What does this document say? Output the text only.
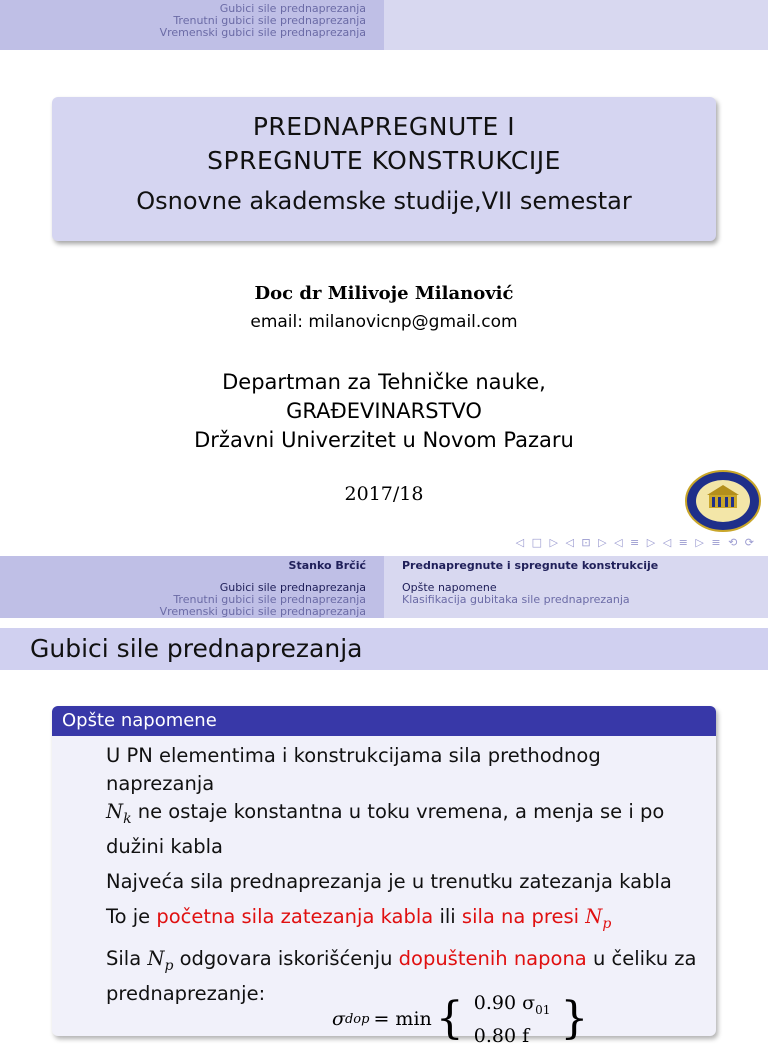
Gubici sile prednaprezanja
Trenutni gubici sile prednaprezanja
Vremenski gubici sile prednaprezanja
PREDNAPREGNUTE I
SPREGNUTE KONSTRUKCIJE
Osnovne akademske studije,VII semestar
Doc dr Milivoje Milanović
email: milanovicnp@gmail.com
Departman za Tehničke nauke,
GRAĐEVINARSTVO
Državni Univerzitet u Novom Pazaru
2017/18
◁ □ ▷ ◁ ⊡ ▷ ◁ ≡ ▷ ◁ ≡ ▷ ≡ ⟲ ⟳
Stanko Brčić
Gubici sile prednaprezanja
Trenutni gubici sile prednaprezanja
Vremenski gubici sile prednaprezanja
Prednapregnute i spregnute konstrukcije
Opšte napomene
Klasifikacija gubitaka sile prednaprezanja
Gubici sile prednaprezanja
Opšte napomene

U PN elementima i konstrukcijama sila prethodnog naprezanja
$N_k$ ne ostaje konstantna u toku vremena, a menja se i po
dužini kabla

Najveća sila prednaprezanja je u trenutku zatezanja kabla

To je početna sila zatezanja kabla ili sila na presi $N_p$

Sila $N_p$ odgovara iskorišćenju dopuštenih napona u čeliku za
prednaprezanje:

σ dop = min { 0.90 $\sigma_{01}$
0.80 f }
